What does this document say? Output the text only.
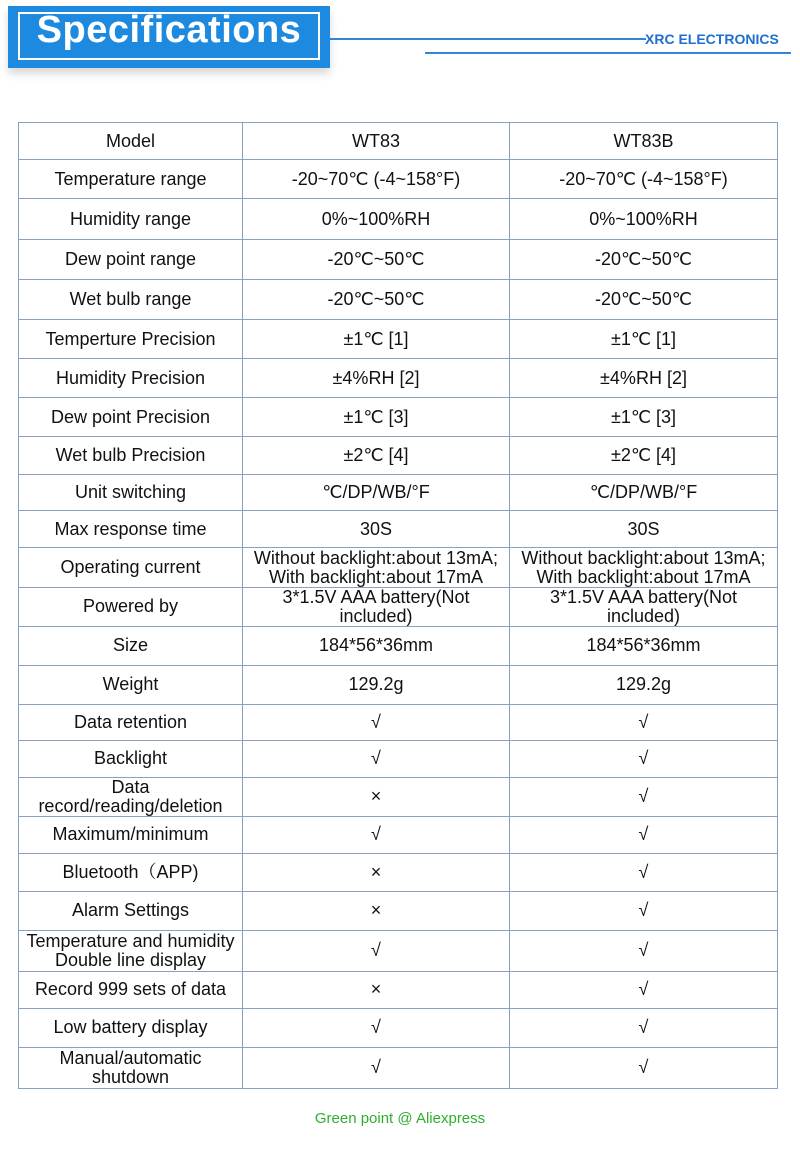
Specifications	XRC ELECTRONICS
Model	WT83	WT83B
Temperature range	-20~70℃ (-4~158°F)	-20~70℃ (-4~158°F)
Humidity range	0%~100%RH	0%~100%RH
Dew point range	-20℃~50℃	-20℃~50℃
Wet bulb range	-20℃~50℃	-20℃~50℃
Temperture Precision	±1℃ [1]	±1℃ [1]
Humidity Precision	±4%RH [2]	±4%RH [2]
Dew point Precision	±1℃ [3]	±1℃ [3]
Wet bulb Precision	±2℃ [4]	±2℃ [4]
Unit switching	℃/DP/WB/°F	℃/DP/WB/°F
Max response time	30S	30S
Operating current	Without backlight:about 13mA; With backlight:about 17mA	Without backlight:about 13mA; With backlight:about 17mA
Powered by	3*1.5V AAA battery(Not included)	3*1.5V AAA battery(Not included)
Size	184*56*36mm	184*56*36mm
Weight	129.2g	129.2g
Data retention	√	√
Backlight	√	√
Data record/reading/deletion	×	√
Maximum/minimum	√	√
Bluetooth（APP)	×	√
Alarm Settings	×	√
Temperature and humidity Double line display	√	√
Record 999 sets of data	×	√
Low battery display	√	√
Manual/automatic shutdown	√	√
Green point @ Aliexpress
